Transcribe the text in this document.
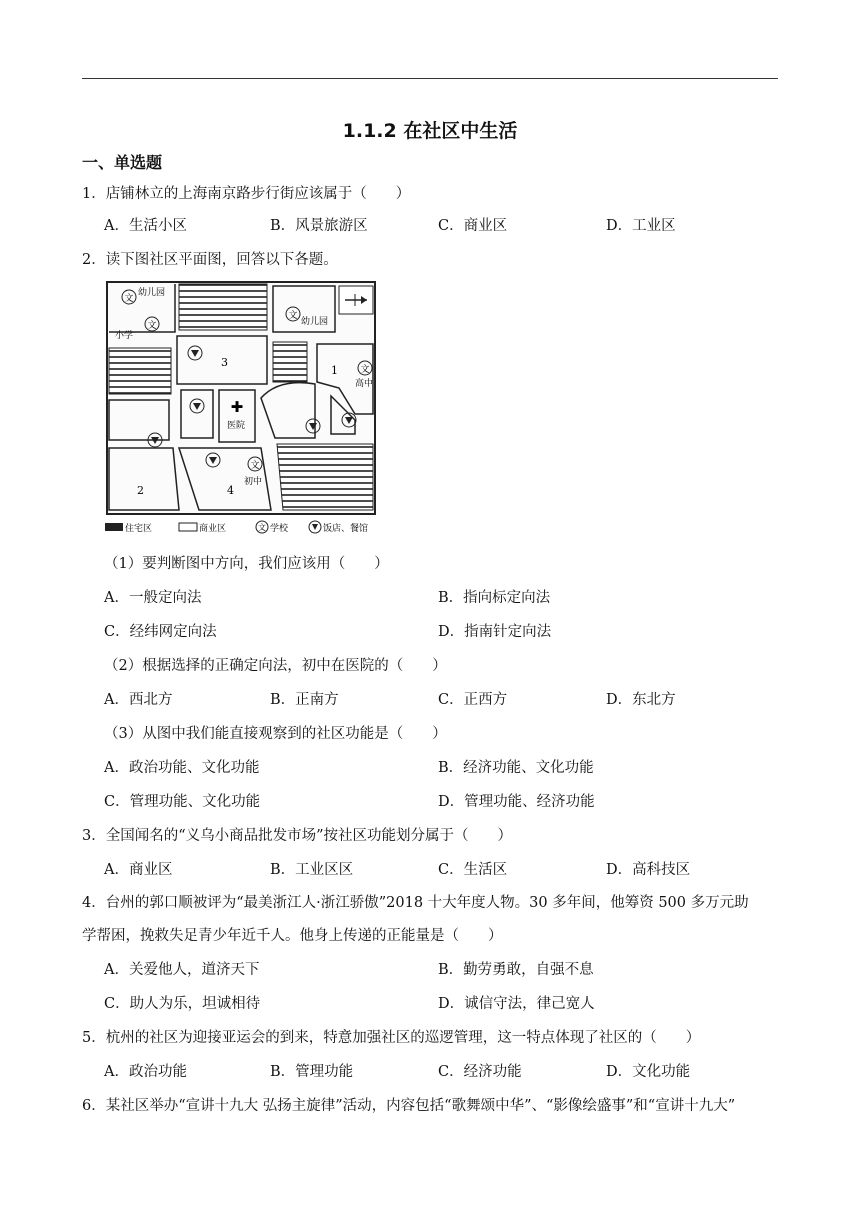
1.1.2 在社区中生活
一、单选题
1．店铺林立的上海南京路步行街应该属于（　　）
A．生活小区	B．风景旅游区	C．商业区	D．工业区
2．读下图社区平面图，回答以下各题。
文
幼儿园
文
小学
文
幼儿园
3
1 文
高中
✚
医院
2
文
初中
4
住宅区	商业区	文 学校	饭店、餐馆
（1）要判断图中方向，我们应该用（　　）
A．一般定向法	B．指向标定向法
C．经纬网定向法	D．指南针定向法
（2）根据选择的正确定向法，初中在医院的（　　）
A．西北方	B．正南方	C．正西方	D．东北方
（3）从图中我们能直接观察到的社区功能是（　　）
A．政治功能、文化功能	B．经济功能、文化功能
C．管理功能、文化功能	D．管理功能、经济功能
3．全国闻名的“义乌小商品批发市场”按社区功能划分属于（　　）
A．商业区	B．工业区区	C．生活区	D．高科技区
4．台州的郭口顺被评为“最美浙江人·浙江骄傲”2018 十大年度人物。30 多年间，他筹资 500 多万元助
学帮困，挽救失足青少年近千人。他身上传递的正能量是（　　）
A．关爱他人，道济天下	B．勤劳勇敢，自强不息
C．助人为乐，坦诚相待	D．诚信守法，律己宽人
5．杭州的社区为迎接亚运会的到来，特意加强社区的巡逻管理，这一特点体现了社区的（　　）
A．政治功能	B．管理功能	C．经济功能	D．文化功能
6．某社区举办“宣讲十九大 弘扬主旋律”活动，内容包括“歌舞颂中华”、“影像绘盛事”和“宣讲十九大”
